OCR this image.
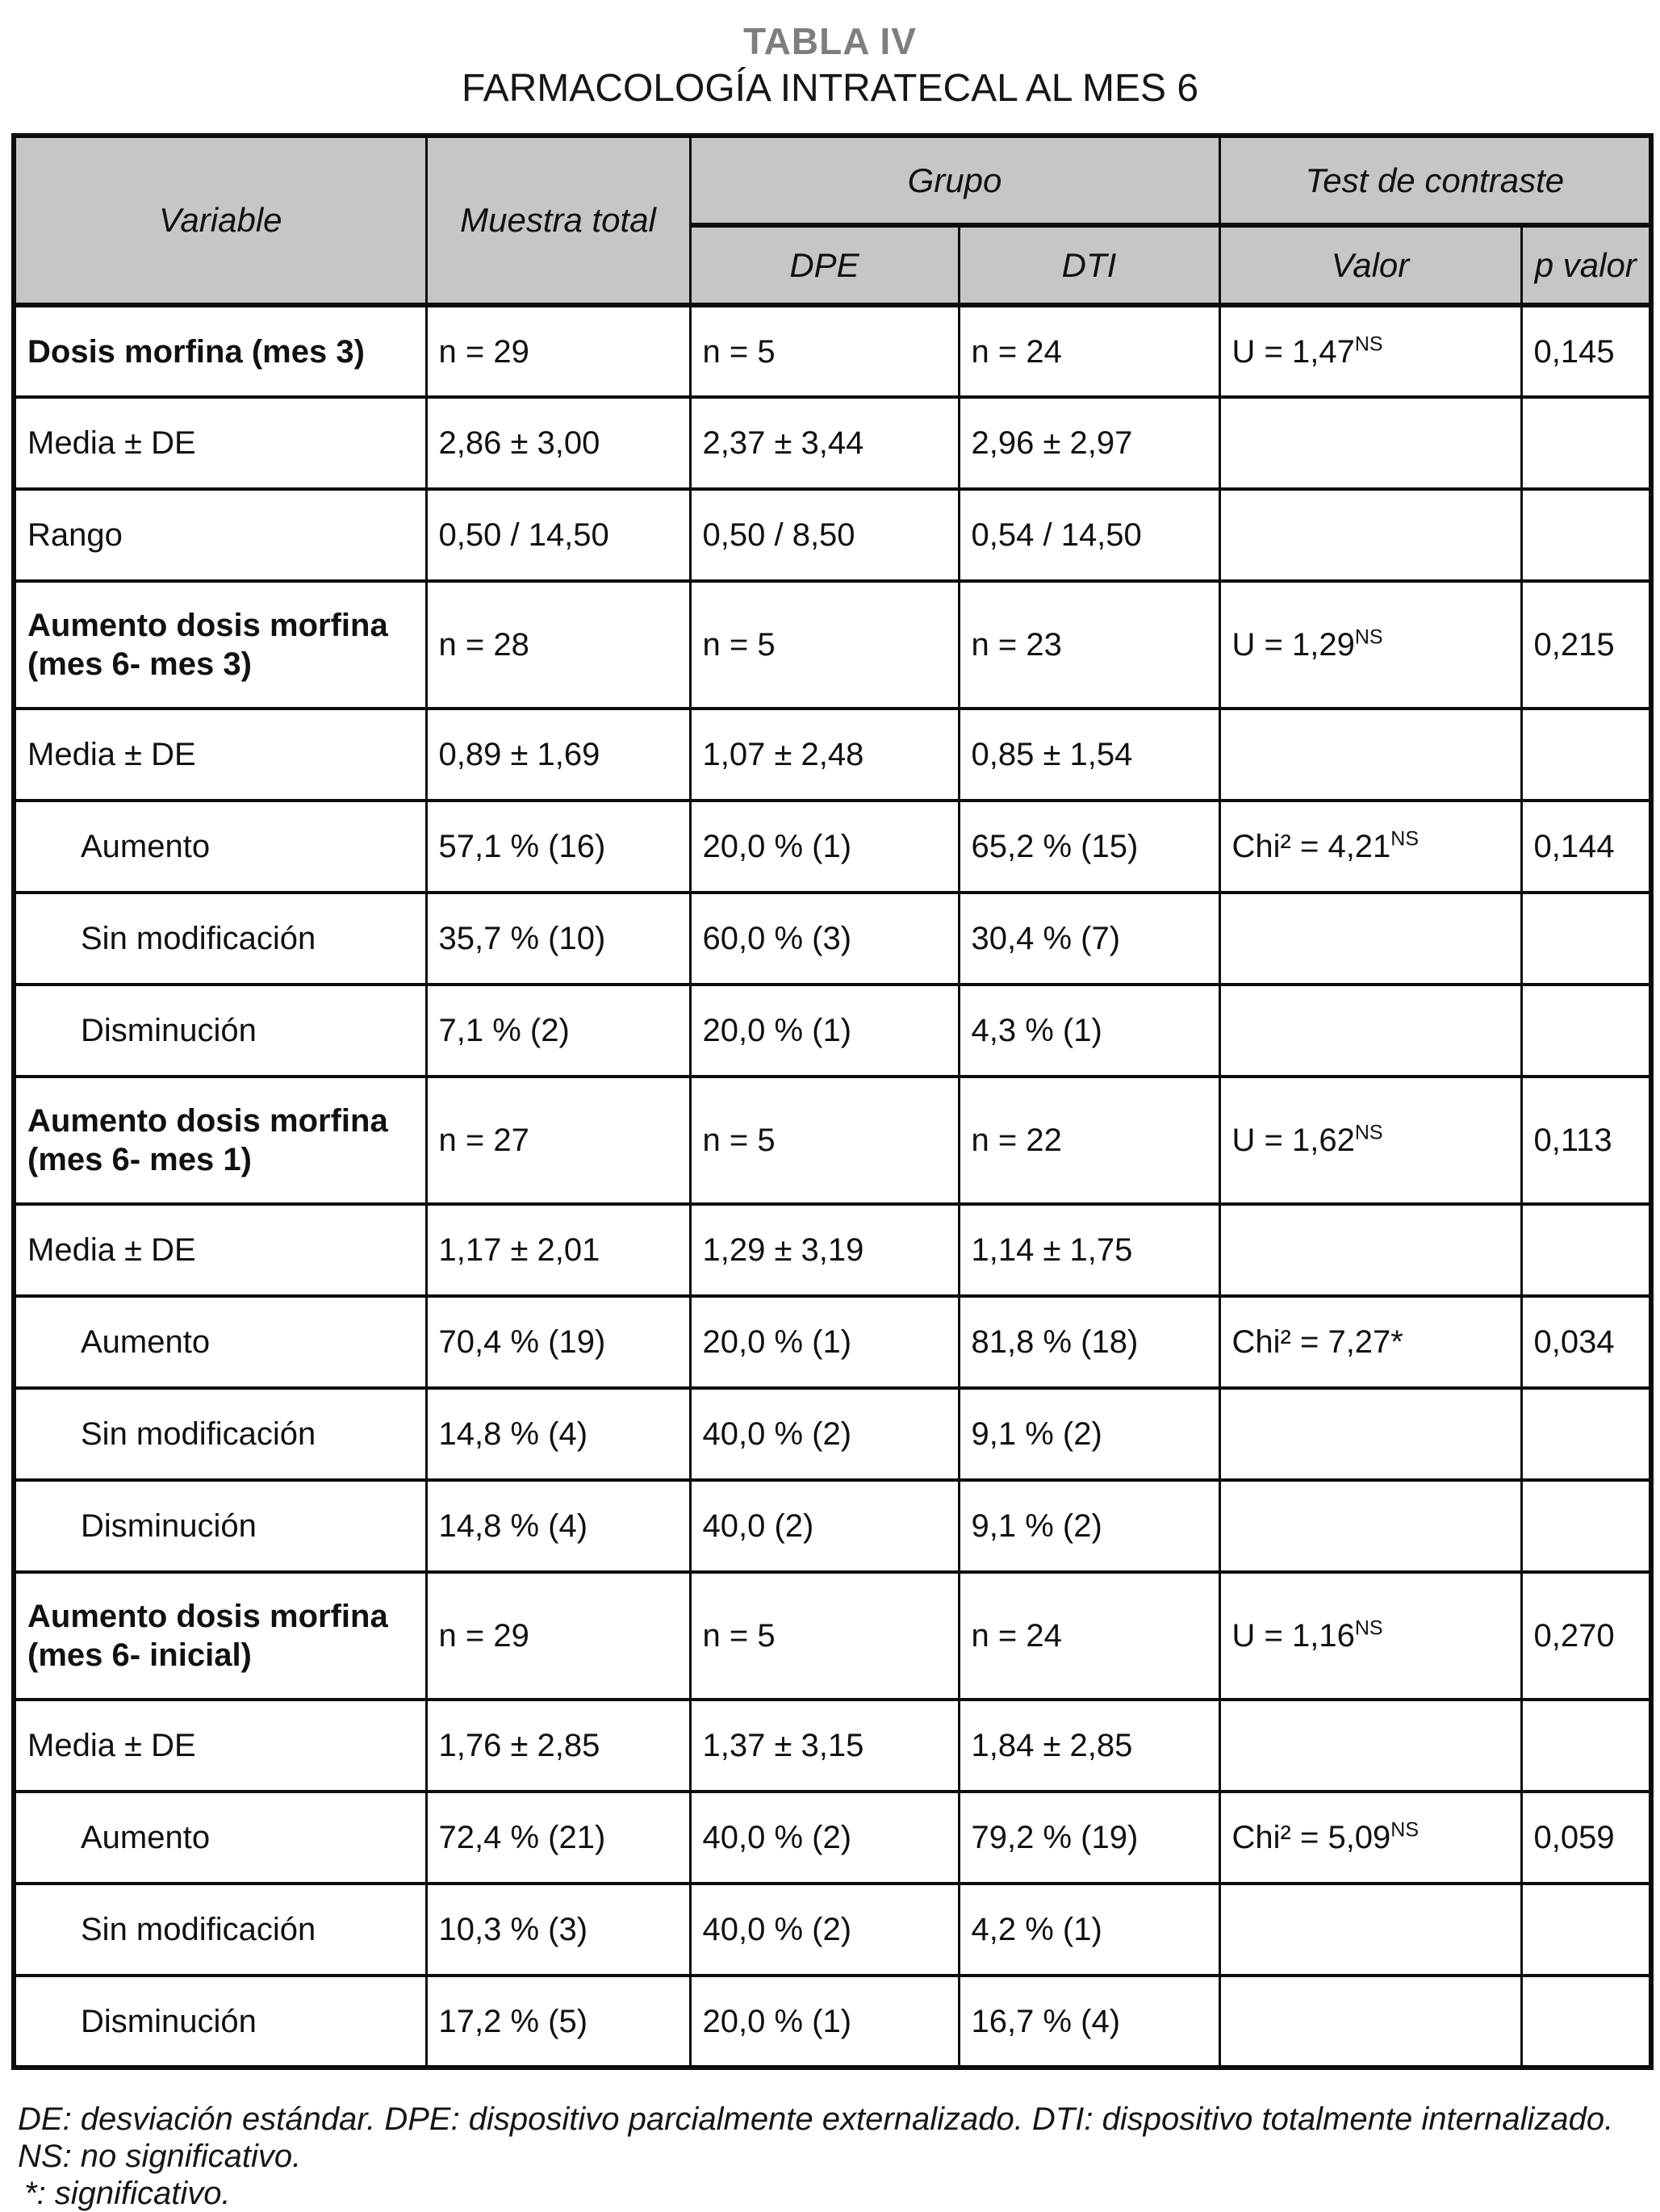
TABLA IV
FARMACOLOGÍA INTRATECAL AL MES 6
Variable	Muestra total	Grupo		Test de contraste	
		DPE	DTI	Valor	p valor
Dosis morfina (mes 3)	n = 29	n = 5	n = 24	$U = 1,47^{NS}$	0,145
Media ± DE	2,86 ± 3,00	2,37 ± 3,44	2,96 ± 2,97		
Rango	0,50 / 14,50	0,50 / 8,50	0,54 / 14,50		
Aumento dosis morfina (mes 6- mes 3)	n = 28	n = 5	n = 23	$U = 1,29^{NS}$	0,215
Media ± DE	0,89 ± 1,69	1,07 ± 2,48	0,85 ± 1,54		
Aumento	57,1 % (16)	20,0 % (1)	65,2 % (15)	$Chi^2 = 4,21^{NS}$	0,144
Sin modificación	35,7 % (10)	60,0 % (3)	30,4 % (7)		
Disminución	7,1 % (2)	20,0 % (1)	4,3 % (1)		
Aumento dosis morfina (mes 6- mes 1)	n = 27	n = 5	n = 22	$U = 1,62^{NS}$	0,113
Media ± DE	1,17 ± 2,01	1,29 ± 3,19	1,14 ± 1,75		
Aumento	70,4 % (19)	20,0 % (1)	81,8 % (18)	Chi² = 7,27*	0,034
Sin modificación	14,8 % (4)	40,0 % (2)	9,1 % (2)		
Disminución	14,8 % (4)	40,0 (2)	9,1 % (2)		
Aumento dosis morfina (mes 6- inicial)	n = 29	n = 5	n = 24	$U = 1,16^{NS}$	0,270
Media ± DE	1,76 ± 2,85	1,37 ± 3,15	1,84 ± 2,85		
Aumento	72,4 % (21)	40,0 % (2)	79,2 % (19)	$Chi^2 = 5,09^{NS}$	0,059
Sin modificación	10,3 % (3)	40,0 % (2)	4,2 % (1)		
Disminución	17,2 % (5)	20,0 % (1)	16,7 % (4)		
DE: desviación estándar. DPE: dispositivo parcialmente externalizado. DTI: dispositivo totalmente internalizado.
NS: no significativo.
*: significativo.
